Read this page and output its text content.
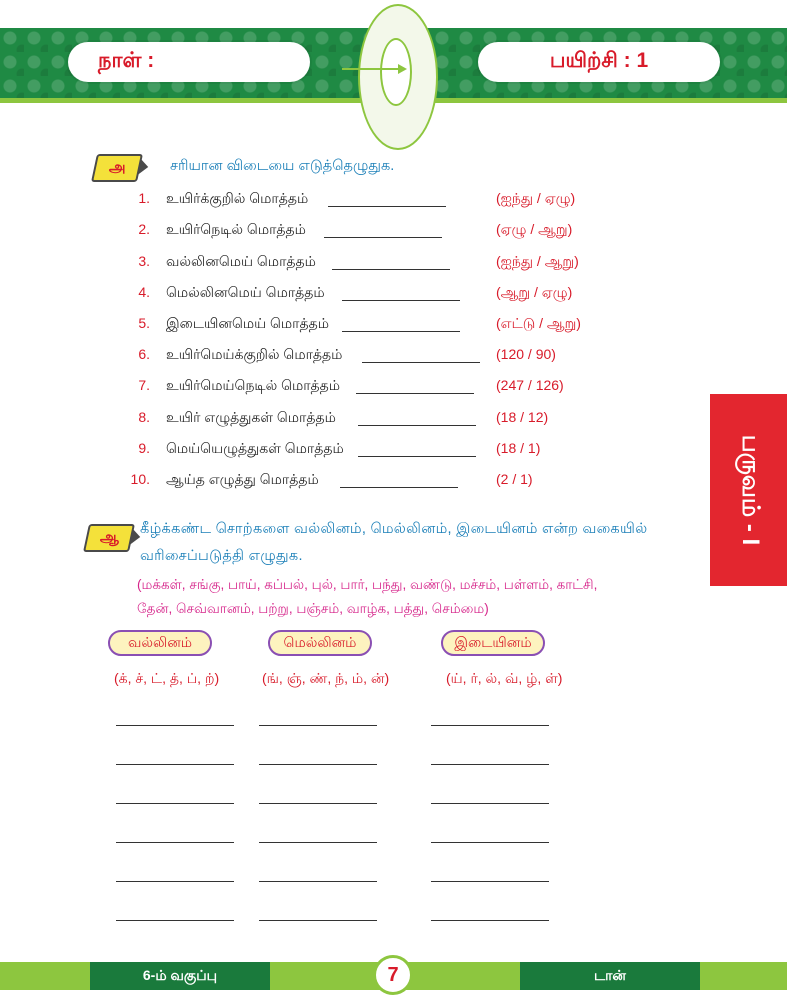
நாள் :	பயிற்சி : 1
அ	சரியான விடையை எடுத்தெழுதுக.
1. உயிர்க்குறில் மொத்தம்	(ஐந்து / ஏழு)
2. உயிர்நெடில் மொத்தம்	(ஏழு / ஆறு)
3. வல்லினமெய் மொத்தம்	(ஐந்து / ஆறு)
4. மெல்லினமெய் மொத்தம்	(ஆறு / ஏழு)
5. இடையினமெய் மொத்தம்	(எட்டு / ஆறு)
6. உயிர்மெய்க்குறில் மொத்தம்	(120 / 90)
7. உயிர்மெய்நெடில் மொத்தம்	(247 / 126)
8. உயிர் எழுத்துகள் மொத்தம்	(18 / 12)
9. மெய்யெழுத்துகள் மொத்தம்	(18 / 1)
10. ஆய்த எழுத்து மொத்தம்	(2 / 1)
ஆ கீழ்க்கண்ட சொற்களை வல்லினம், மெல்லினம், இடையினம் என்ற வகையில் வரிசைப்படுத்தி எழுதுக.
(மக்கள், சங்கு, பாய், கப்பல், புல், பார், பந்து, வண்டு, மச்சம், பள்ளம், காட்சி,
தேன், செவ்வானம், பற்று, பஞ்சம், வாழ்க, பத்து, செம்மை)
வல்லினம்	மெல்லினம்	இடையினம்
(க், ச், ட், த், ப், ற்)	(ங், ஞ், ண், ந், ம், ன்)	(ய், ர், ல், வ், ழ், ள்)
பருவம் - I
6-ம் வகுப்பு	டான்
7
